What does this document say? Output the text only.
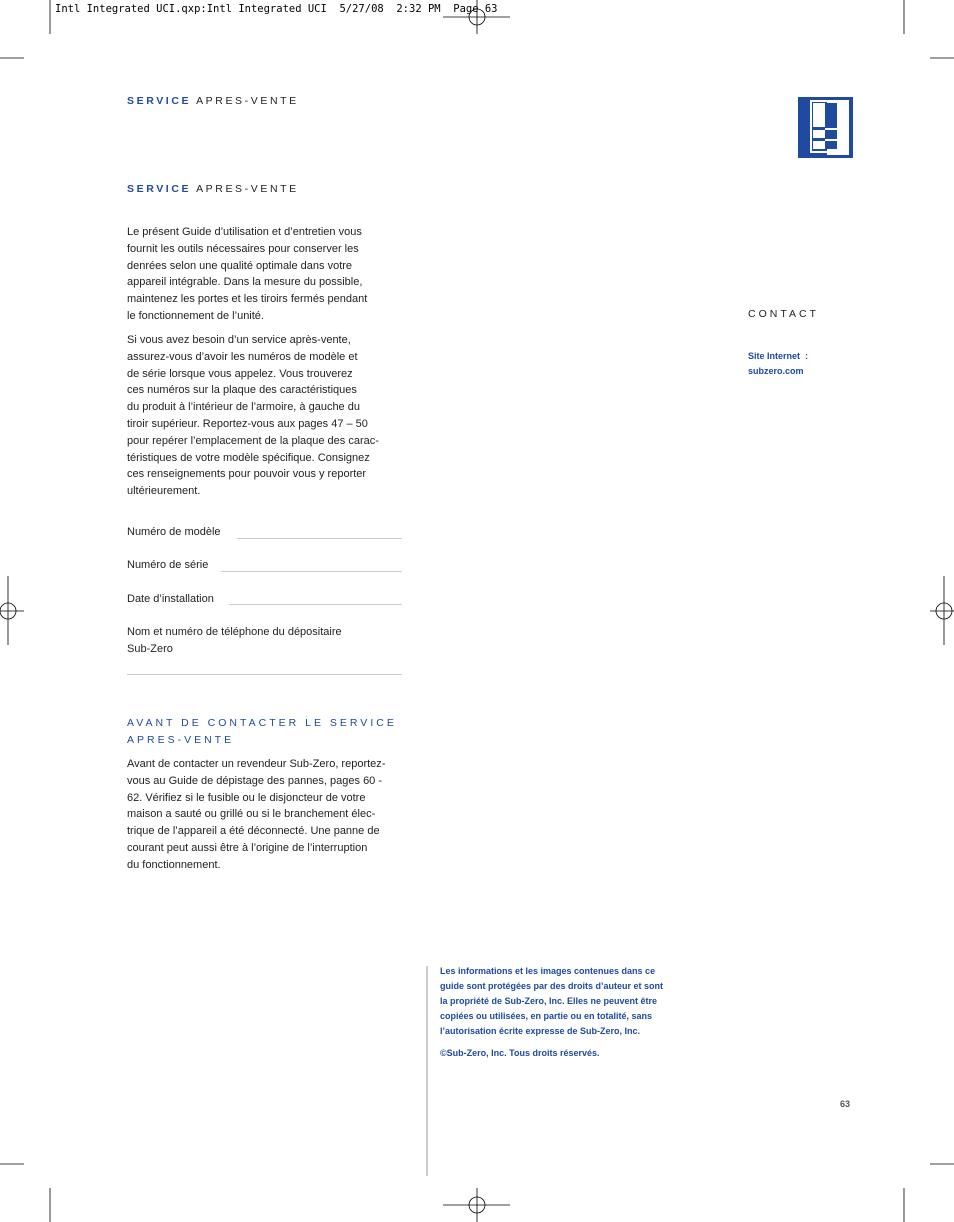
Intl Integrated UCI.qxp:Intl Integrated UCI  5/27/08  2:32 PM  Page 63
SERVICE APRES-VENTE
SERVICE APRES-VENTE
Le présent Guide d’utilisation et d’entretien vous
fournit les outils nécessaires pour conserver les
denrées selon une qualité optimale dans votre
appareil intégrable. Dans la mesure du possible,
maintenez les portes et les tiroirs fermés pendant
le fonctionnement de l’unité.
Si vous avez besoin d’un service après-vente,
assurez-vous d’avoir les numéros de modèle et
de série lorsque vous appelez. Vous trouverez
ces numéros sur la plaque des caractéristiques
du produit à l’intérieur de l’armoire, à gauche du
tiroir supérieur. Reportez-vous aux pages 47 – 50
pour repérer l’emplacement de la plaque des carac-
téristiques de votre modèle spécifique. Consignez
ces renseignements pour pouvoir vous y reporter
ultérieurement.
Numéro de modèle
Numéro de série
Date d’installation
Nom et numéro de téléphone du dépositaire
Sub-Zero
AVANT DE CONTACTER LE SERVICE
APRES-VENTE
Avant de contacter un revendeur Sub-Zero, reportez-
vous au Guide de dépistage des pannes, pages 60 -
62. Vérifiez si le fusible ou le disjoncteur de votre
maison a sauté ou grillé ou si le branchement élec-
trique de l’appareil a été déconnecté. Une panne de
courant peut aussi être à l’origine de l’interruption
du fonctionnement.
CONTACT
Site Internet :
subzero.com
Les informations et les images contenues dans ce
guide sont protégées par des droits d’auteur et sont
la propriété de Sub-Zero, Inc. Elles ne peuvent être
copiées ou utilisées, en partie ou en totalité, sans
l’autorisation écrite expresse de Sub-Zero, Inc.
©Sub-Zero, Inc. Tous droits réservés.
63
